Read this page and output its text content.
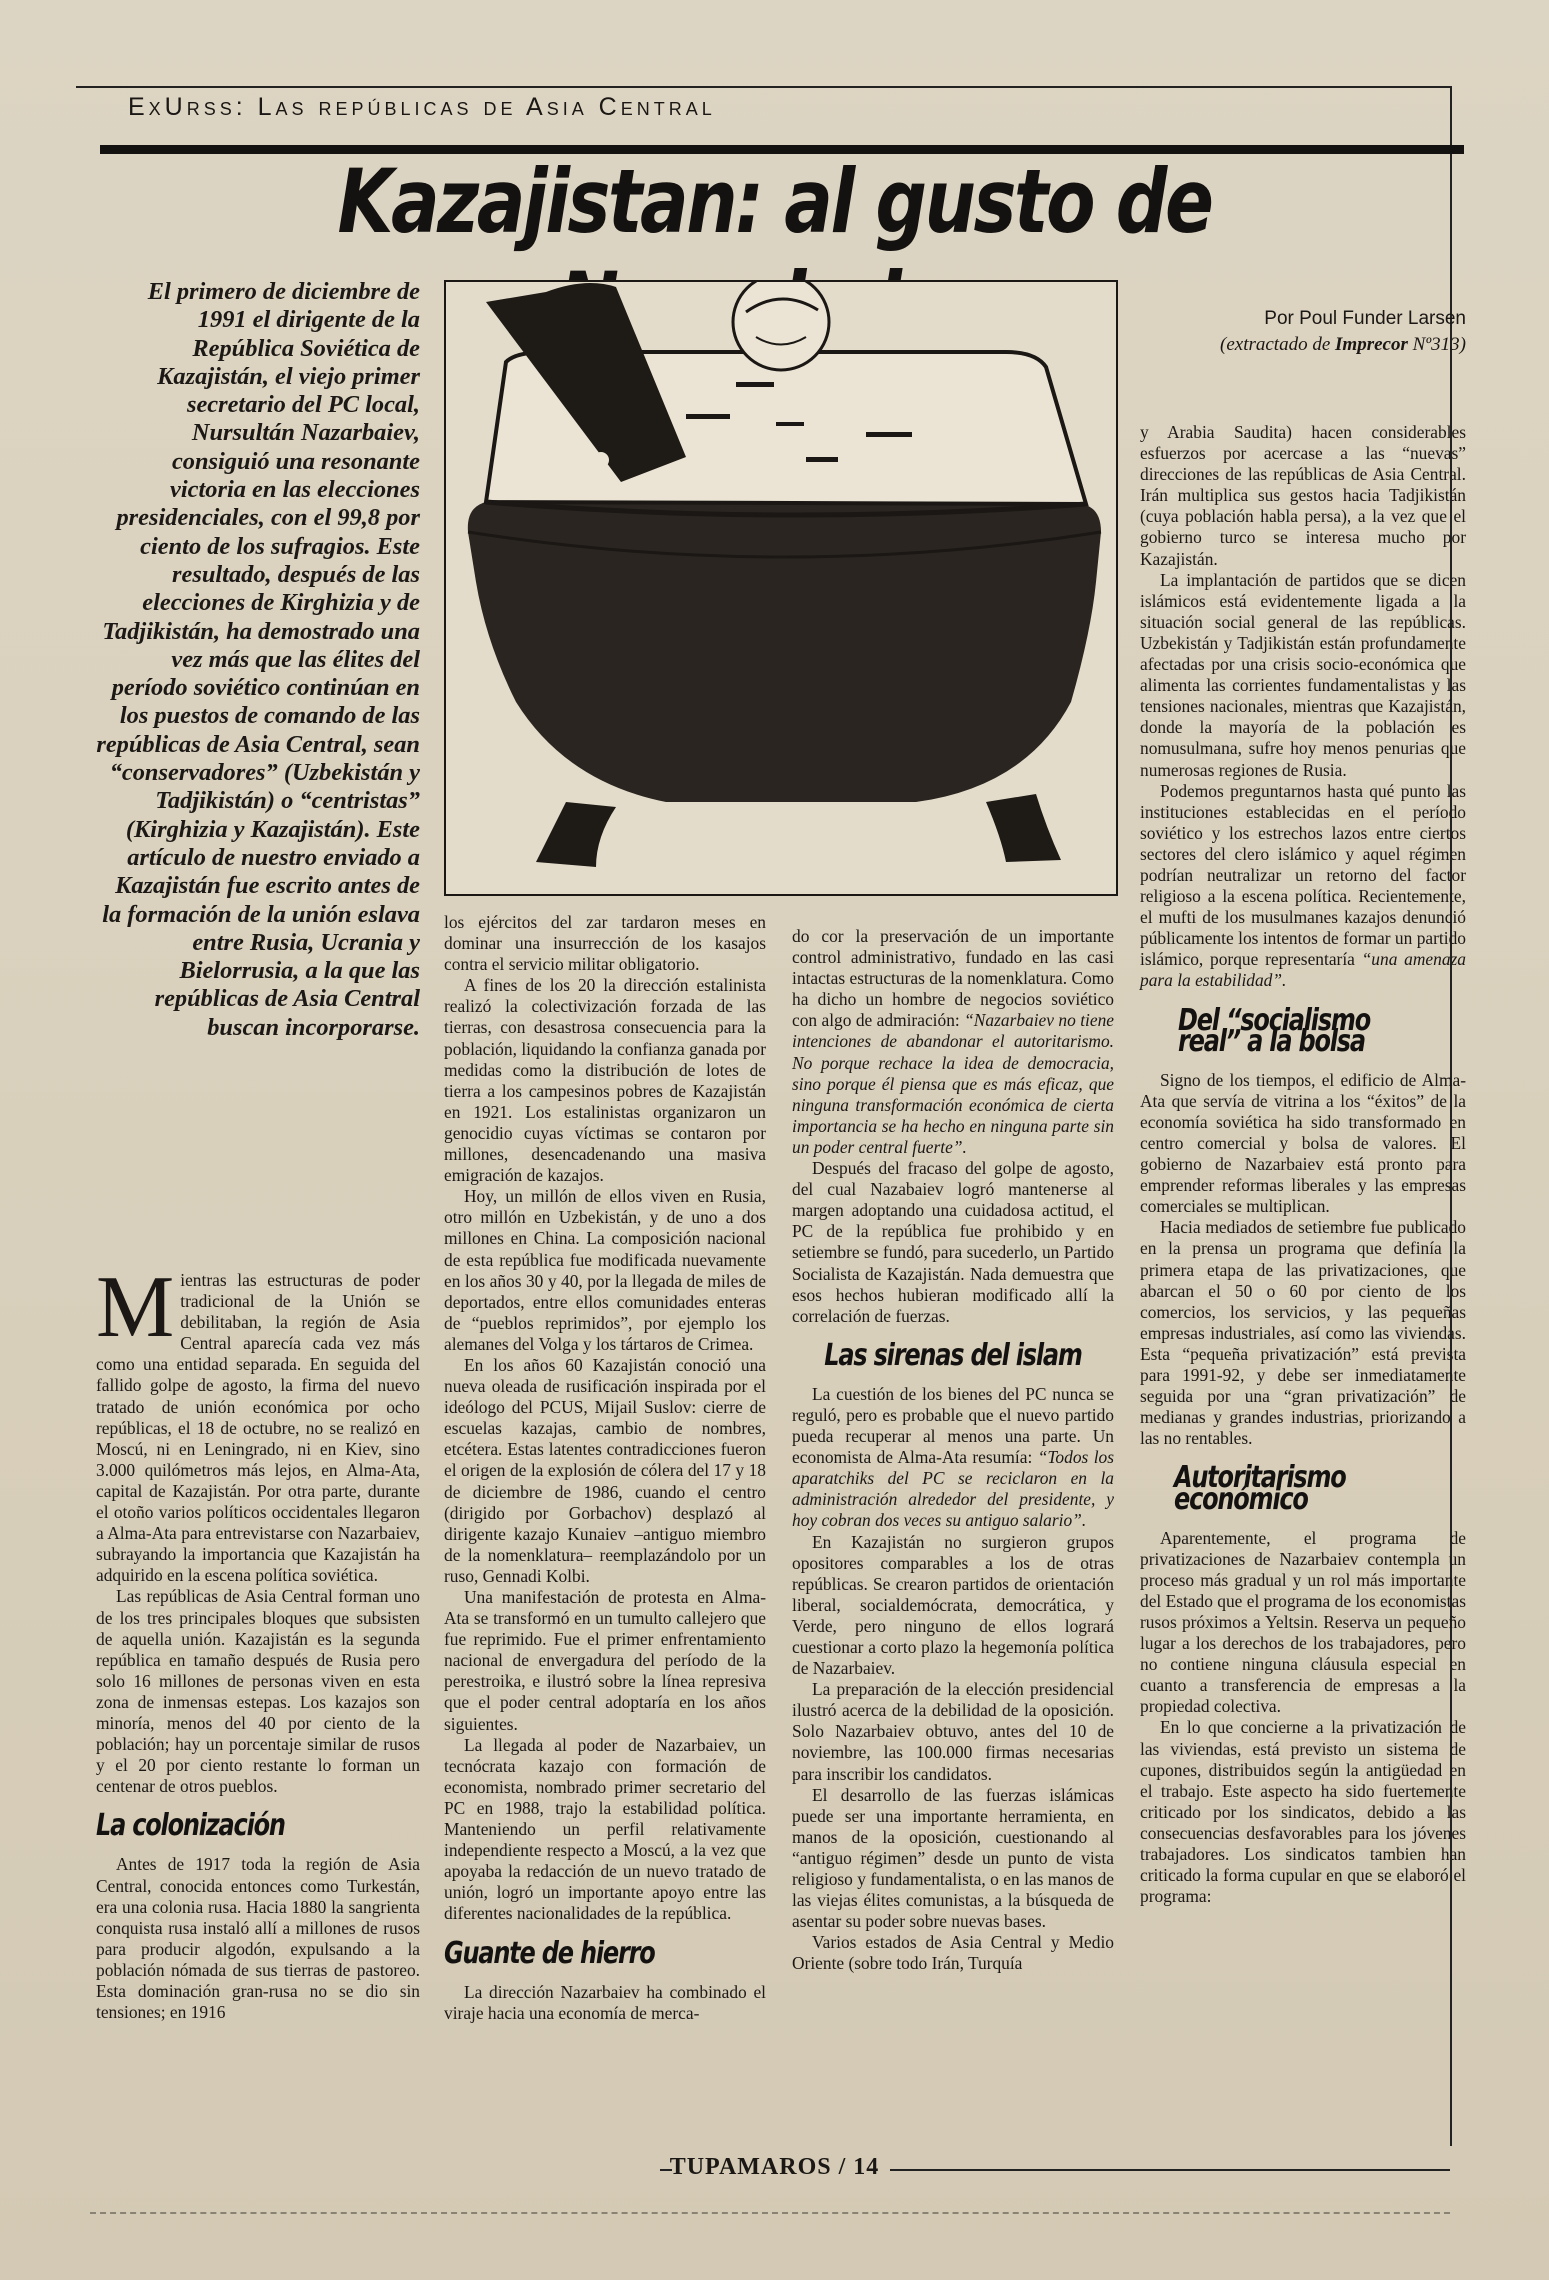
ExUrss: Las repúblicas de Asia Central
Kazajistan: al gusto de
El primero de diciembre de 1991 el dirigente de la República Soviética de Kazajistán, el viejo primer secretario del PC local, Nursultán Nazarbaiev, consiguió una resonante victoria en las elecciones presidenciales, con el 99,8 por ciento de los sufragios. Este resultado, después de las elecciones de Kirghizia y de Tadjikistán, ha demostrado una vez más que las élites del período soviético continúan en los puestos de comando de las repúblicas de Asia Central, sean “conservadores” (Uzbekistán y Tadjikistán) o “centristas” (Kirghizia y Kazajistán). Este artículo de nuestro enviado a Kazajistán fue escrito antes de la formación de la unión eslava entre Rusia, Ucrania y Bielorrusia, a la que las repúblicas de Asia Central buscan incorporarse.
Por Poul Funder Larsen
(extractado de Imprecor Nº313)

Mientras las estructuras de poder tradicional de la Unión se debilitaban, la región de Asia Central aparecía cada vez más como una entidad separada. En seguida del fallido golpe de agosto, la firma del nuevo tratado de unión económica por ocho repúblicas, el 18 de octubre, no se realizó en Moscú, ni en Leningrado, ni en Kiev, sino 3.000 quilómetros más lejos, en Alma-Ata, capital de Kazajistán. Por otra parte, durante el otoño varios políticos occidentales llegaron a Alma-Ata para entrevistarse con Nazarbaiev, subrayando la importancia que Kazajistán ha adquirido en la escena política soviética.

Las repúblicas de Asia Central forman uno de los tres principales bloques que subsisten de aquella unión. Kazajistán es la segunda república en tamaño después de Rusia pero solo 16 millones de personas viven en esta zona de inmensas estepas. Los kazajos son minoría, menos del 40 por ciento de la población; hay un porcentaje similar de rusos y el 20 por ciento restante lo forman un centenar de otros pueblos.

La colonización

Antes de 1917 toda la región de Asia Central, conocida entonces como Turkestán, era una colonia rusa. Hacia 1880 la sangrienta conquista rusa instaló allí a millones de rusos para producir algodón, expulsando a la población nómada de sus tierras de pastoreo. Esta dominación gran-rusa no se dio sin tensiones; en 1916

los ejércitos del zar tardaron meses en dominar una insurrección de los kasajos contra el servicio militar obligatorio.

A fines de los 20 la dirección estalinista realizó la colectivización forzada de las tierras, con desastrosa consecuencia para la población, liquidando la confianza ganada por medidas como la distribución de lotes de tierra a los campesinos pobres de Kazajistán en 1921. Los estalinistas organizaron un genocidio cuyas víctimas se contaron por millones, desencadenando una masiva emigración de kazajos.

Hoy, un millón de ellos viven en Rusia, otro millón en Uzbekistán, y de uno a dos millones en China. La composición nacional de esta república fue modificada nuevamente en los años 30 y 40, por la llegada de miles de deportados, entre ellos comunidades enteras de “pueblos reprimidos”, por ejemplo los alemanes del Volga y los tártaros de Crimea.

En los años 60 Kazajistán conoció una nueva oleada de rusificación inspirada por el ideólogo del PCUS, Mijail Suslov: cierre de escuelas kazajas, cambio de nombres, etcétera. Estas latentes contradicciones fueron el origen de la explosión de cólera del 17 y 18 de diciembre de 1986, cuando el centro (dirigido por Gorbachov) desplazó al dirigente kazajo Kunaiev –antiguo miembro de la nomenklatura– reemplazándolo por un ruso, Gennadi Kolbi.

Una manifestación de protesta en Alma-Ata se transformó en un tumulto callejero que fue reprimido. Fue el primer enfrentamiento nacional de envergadura del período de la perestroika, e ilustró sobre la línea represiva que el poder central adoptaría en los años siguientes.

La llegada al poder de Nazarbaiev, un tecnócrata kazajo con formación de economista, nombrado primer secretario del PC en 1988, trajo la estabilidad política. Manteniendo un perfil relativamente independiente respecto a Moscú, a la vez que apoyaba la redacción de un nuevo tratado de unión, logró un importante apoyo entre las diferentes nacionalidades de la república.

Guante de hierro

La dirección Nazarbaiev ha combinado el viraje hacia una economía de merca-

do cor la preservación de un importante control administrativo, fundado en las casi intactas estructuras de la nomenklatura. Como ha dicho un hombre de negocios soviético con algo de admiración: “Nazarbaiev no tiene intenciones de abandonar el autoritarismo. No porque rechace la idea de democracia, sino porque él piensa que es más eficaz, que ninguna transformación económica de cierta importancia se ha hecho en ninguna parte sin un poder central fuerte”.

Después del fracaso del golpe de agosto, del cual Nazabaiev logró mantenerse al margen adoptando una cuidadosa actitud, el PC de la república fue prohibido y en setiembre se fundó, para sucederlo, un Partido Socialista de Kazajistán. Nada demuestra que esos hechos hubieran modificado allí la correlación de fuerzas.

Las sirenas del islam

La cuestión de los bienes del PC nunca se reguló, pero es probable que el nuevo partido pueda recuperar al menos una parte. Un economista de Alma-Ata resumía: “Todos los aparatchiks del PC se reciclaron en la administración alrededor del presidente, y hoy cobran dos veces su antiguo salario”.

En Kazajistán no surgieron grupos opositores comparables a los de otras repúblicas. Se crearon partidos de orientación liberal, socialdemócrata, democrática, y Verde, pero ninguno de ellos logrará cuestionar a corto plazo la hegemonía política de Nazarbaiev.

La preparación de la elección presidencial ilustró acerca de la debilidad de la oposición. Solo Nazarbaiev obtuvo, antes del 10 de noviembre, las 100.000 firmas necesarias para inscribir los candidatos.

El desarrollo de las fuerzas islámicas puede ser una importante herramienta, en manos de la oposición, cuestionando al “antiguo régimen” desde un punto de vista religioso y fundamentalista, o en las manos de las viejas élites comunistas, a la búsqueda de asentar su poder sobre nuevas bases.

Varios estados de Asia Central y Medio Oriente (sobre todo Irán, Turquía

y Arabia Saudita) hacen considerables esfuerzos por acercase a las “nuevas” direcciones de las repúblicas de Asia Central. Irán multiplica sus gestos hacia Tadjikistán (cuya población habla persa), a la vez que el gobierno turco se interesa mucho por Kazajistán.

La implantación de partidos que se dicen islámicos está evidentemente ligada a la situación social general de las repúblicas. Uzbekistán y Tadjikistán están profundamente afectadas por una crisis socio-económica que alimenta las corrientes fundamentalistas y las tensiones nacionales, mientras que Kazajistán, donde la mayoría de la población es nomusulmana, sufre hoy menos penurias que numerosas regiones de Rusia.

Podemos preguntarnos hasta qué punto las instituciones establecidas en el período soviético y los estrechos lazos entre ciertos sectores del clero islámico y aquel régimen podrían neutralizar un retorno del factor religioso a la escena política. Recientemente, el mufti de los musulmanes kazajos denunció públicamente los intentos de formar un partido islámico, porque representaría “una amenaza para la estabilidad”.

Del “socialismo real” a la bolsa

Signo de los tiempos, el edificio de Alma-Ata que servía de vitrina a los “éxitos” de la economía soviética ha sido transformado en centro comercial y bolsa de valores. El gobierno de Nazarbaiev está pronto para emprender reformas liberales y las empresas comerciales se multiplican.

Hacia mediados de setiembre fue publicado en la prensa un programa que definía la primera etapa de las privatizaciones, que abarcan el 50 o 60 por ciento de los comercios, los servicios, y las pequeñas empresas industriales, así como las viviendas. Esta “pequeña privatización” está prevista para 1991-92, y debe ser inmediatamente seguida por una “gran privatización” de medianas y grandes industrias, priorizando a las no rentables.

Autoritarismo económico

Aparentemente, el programa de privatizaciones de Nazarbaiev contempla un proceso más gradual y un rol más importante del Estado que el programa de los economistas rusos próximos a Yeltsin. Reserva un pequeño lugar a los derechos de los trabajadores, pero no contiene ninguna cláusula especial en cuanto a transferencia de empresas a la propiedad colectiva.

En lo que concierne a la privatización de las viviendas, está previsto un sistema de cupones, distribuidos según la antigüedad en el trabajo. Este aspecto ha sido fuertemente criticado por los sindicatos, debido a las consecuencias desfavorables para los jóvenes trabajadores. Los sindicatos tambien han criticado la forma cupular en que se elaboró el programa:

TUPAMAROS / 14
